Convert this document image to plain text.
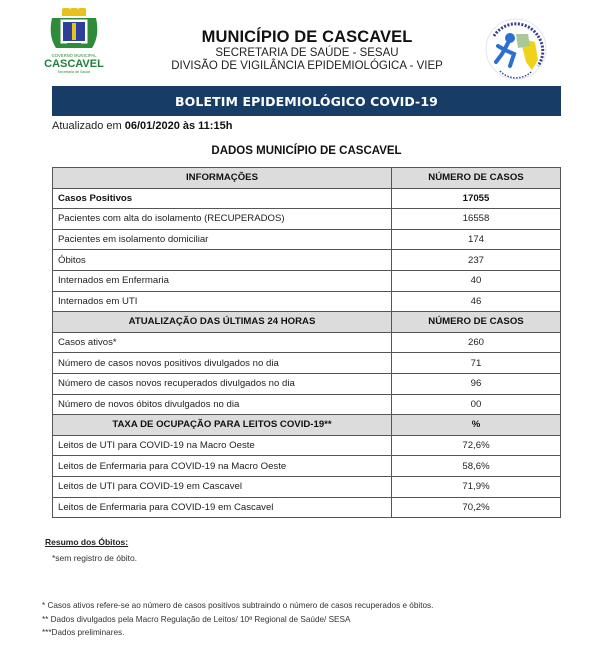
GOVERNO MUNICIPAL
CASCAVEL
Secretaria de Saúde
MUNICÍPIO DE CASCAVEL
SECRETARIA DE SAÚDE - SESAU
DIVISÃO DE VIGILÂNCIA EPIDEMIOLÓGICA - VIEP
BOLETIM EPIDEMIOLÓGICO COVID-19
Atualizado em 06/01/2020 às 11:15h
DADOS MUNICÍPIO DE CASCAVEL
INFORMAÇÕES	NÚMERO DE CASOS
Casos Positivos	17055
Pacientes com alta do isolamento (RECUPERADOS)	16558
Pacientes em isolamento domiciliar	174
Óbitos	237
Internados em Enfermaria	40
Internados em UTI	46
ATUALIZAÇÃO DAS ÚLTIMAS 24 HORAS	NÚMERO DE CASOS
Casos ativos*	260
Número de casos novos positivos divulgados no dia	71
Número de casos novos recuperados divulgados no dia	96
Número de novos óbitos divulgados no dia	00
TAXA DE OCUPAÇÃO PARA LEITOS COVID-19**	%
Leitos de UTI para COVID-19 na Macro Oeste	72,6%
Leitos de Enfermaria para COVID-19 na Macro Oeste	58,6%
Leitos de UTI para COVID-19 em Cascavel	71,9%
Leitos de Enfermaria para COVID-19 em Cascavel	70,2%
Resumo dos Óbitos:
*sem registro de óbito.
* Casos ativos refere-se ao número de casos positivos subtraindo o número de casos recuperados e óbitos.
** Dados divulgados pela Macro Regulação de Leitos/ 10ª Regional de Saúde/ SESA
***Dados preliminares.
